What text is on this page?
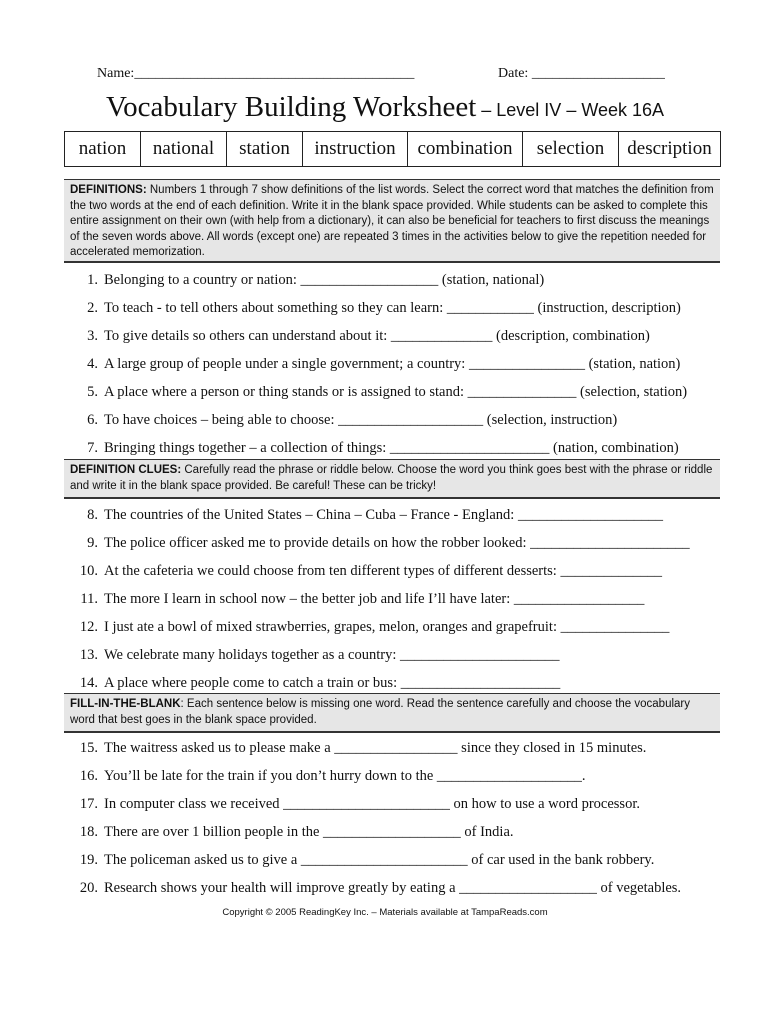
Name:________________________________________	Date: ___________________
Vocabulary Building Worksheet – Level IV – Week 16A
nation	national	station	instruction	combination	selection	description
DEFINITIONS: Numbers 1 through 7 show definitions of the list words. Select the correct word that matches the definition from the two words at the end of each definition. Write it in the blank space provided. While students can be asked to complete this entire assignment on their own (with help from a dictionary), it can also be beneficial for teachers to first discuss the meanings of the seven words above. All words (except one) are repeated 3 times in the activities below to give the repetition needed for accelerated memorization.
1. Belonging to a country or nation: ___________________ (station, national)
2. To teach - to tell others about something so they can learn: ____________ (instruction, description)
3. To give details so others can understand about it: ______________ (description, combination)
4. A large group of people under a single government; a country: ________________ (station, nation)
5. A place where a person or thing stands or is assigned to stand: _______________ (selection, station)
6. To have choices – being able to choose: ____________________ (selection, instruction)
7. Bringing things together – a collection of things: ______________________ (nation, combination)
DEFINITION CLUES: Carefully read the phrase or riddle below. Choose the word you think goes best with the phrase or riddle and write it in the blank space provided. Be careful! These can be tricky!
8. The countries of the United States – China – Cuba – France - England: ____________________
9. The police officer asked me to provide details on how the robber looked: ______________________
10. At the cafeteria we could choose from ten different types of different desserts: ______________
11. The more I learn in school now – the better job and life I’ll have later: __________________
12. I just ate a bowl of mixed strawberries, grapes, melon, oranges and grapefruit: _______________
13. We celebrate many holidays together as a country: ______________________
14. A place where people come to catch a train or bus: ______________________
FILL-IN-THE-BLANK: Each sentence below is missing one word. Read the sentence carefully and choose the vocabulary word that best goes in the blank space provided.
15. The waitress asked us to please make a _________________ since they closed in 15 minutes.
16. You’ll be late for the train if you don’t hurry down to the ____________________.
17. In computer class we received _______________________ on how to use a word processor.
18. There are over 1 billion people in the ___________________ of India.
19. The policeman asked us to give a _______________________ of car used in the bank robbery.
20. Research shows your health will improve greatly by eating a ___________________ of vegetables.
Copyright © 2005 ReadingKey Inc. – Materials available at TampaReads.com
